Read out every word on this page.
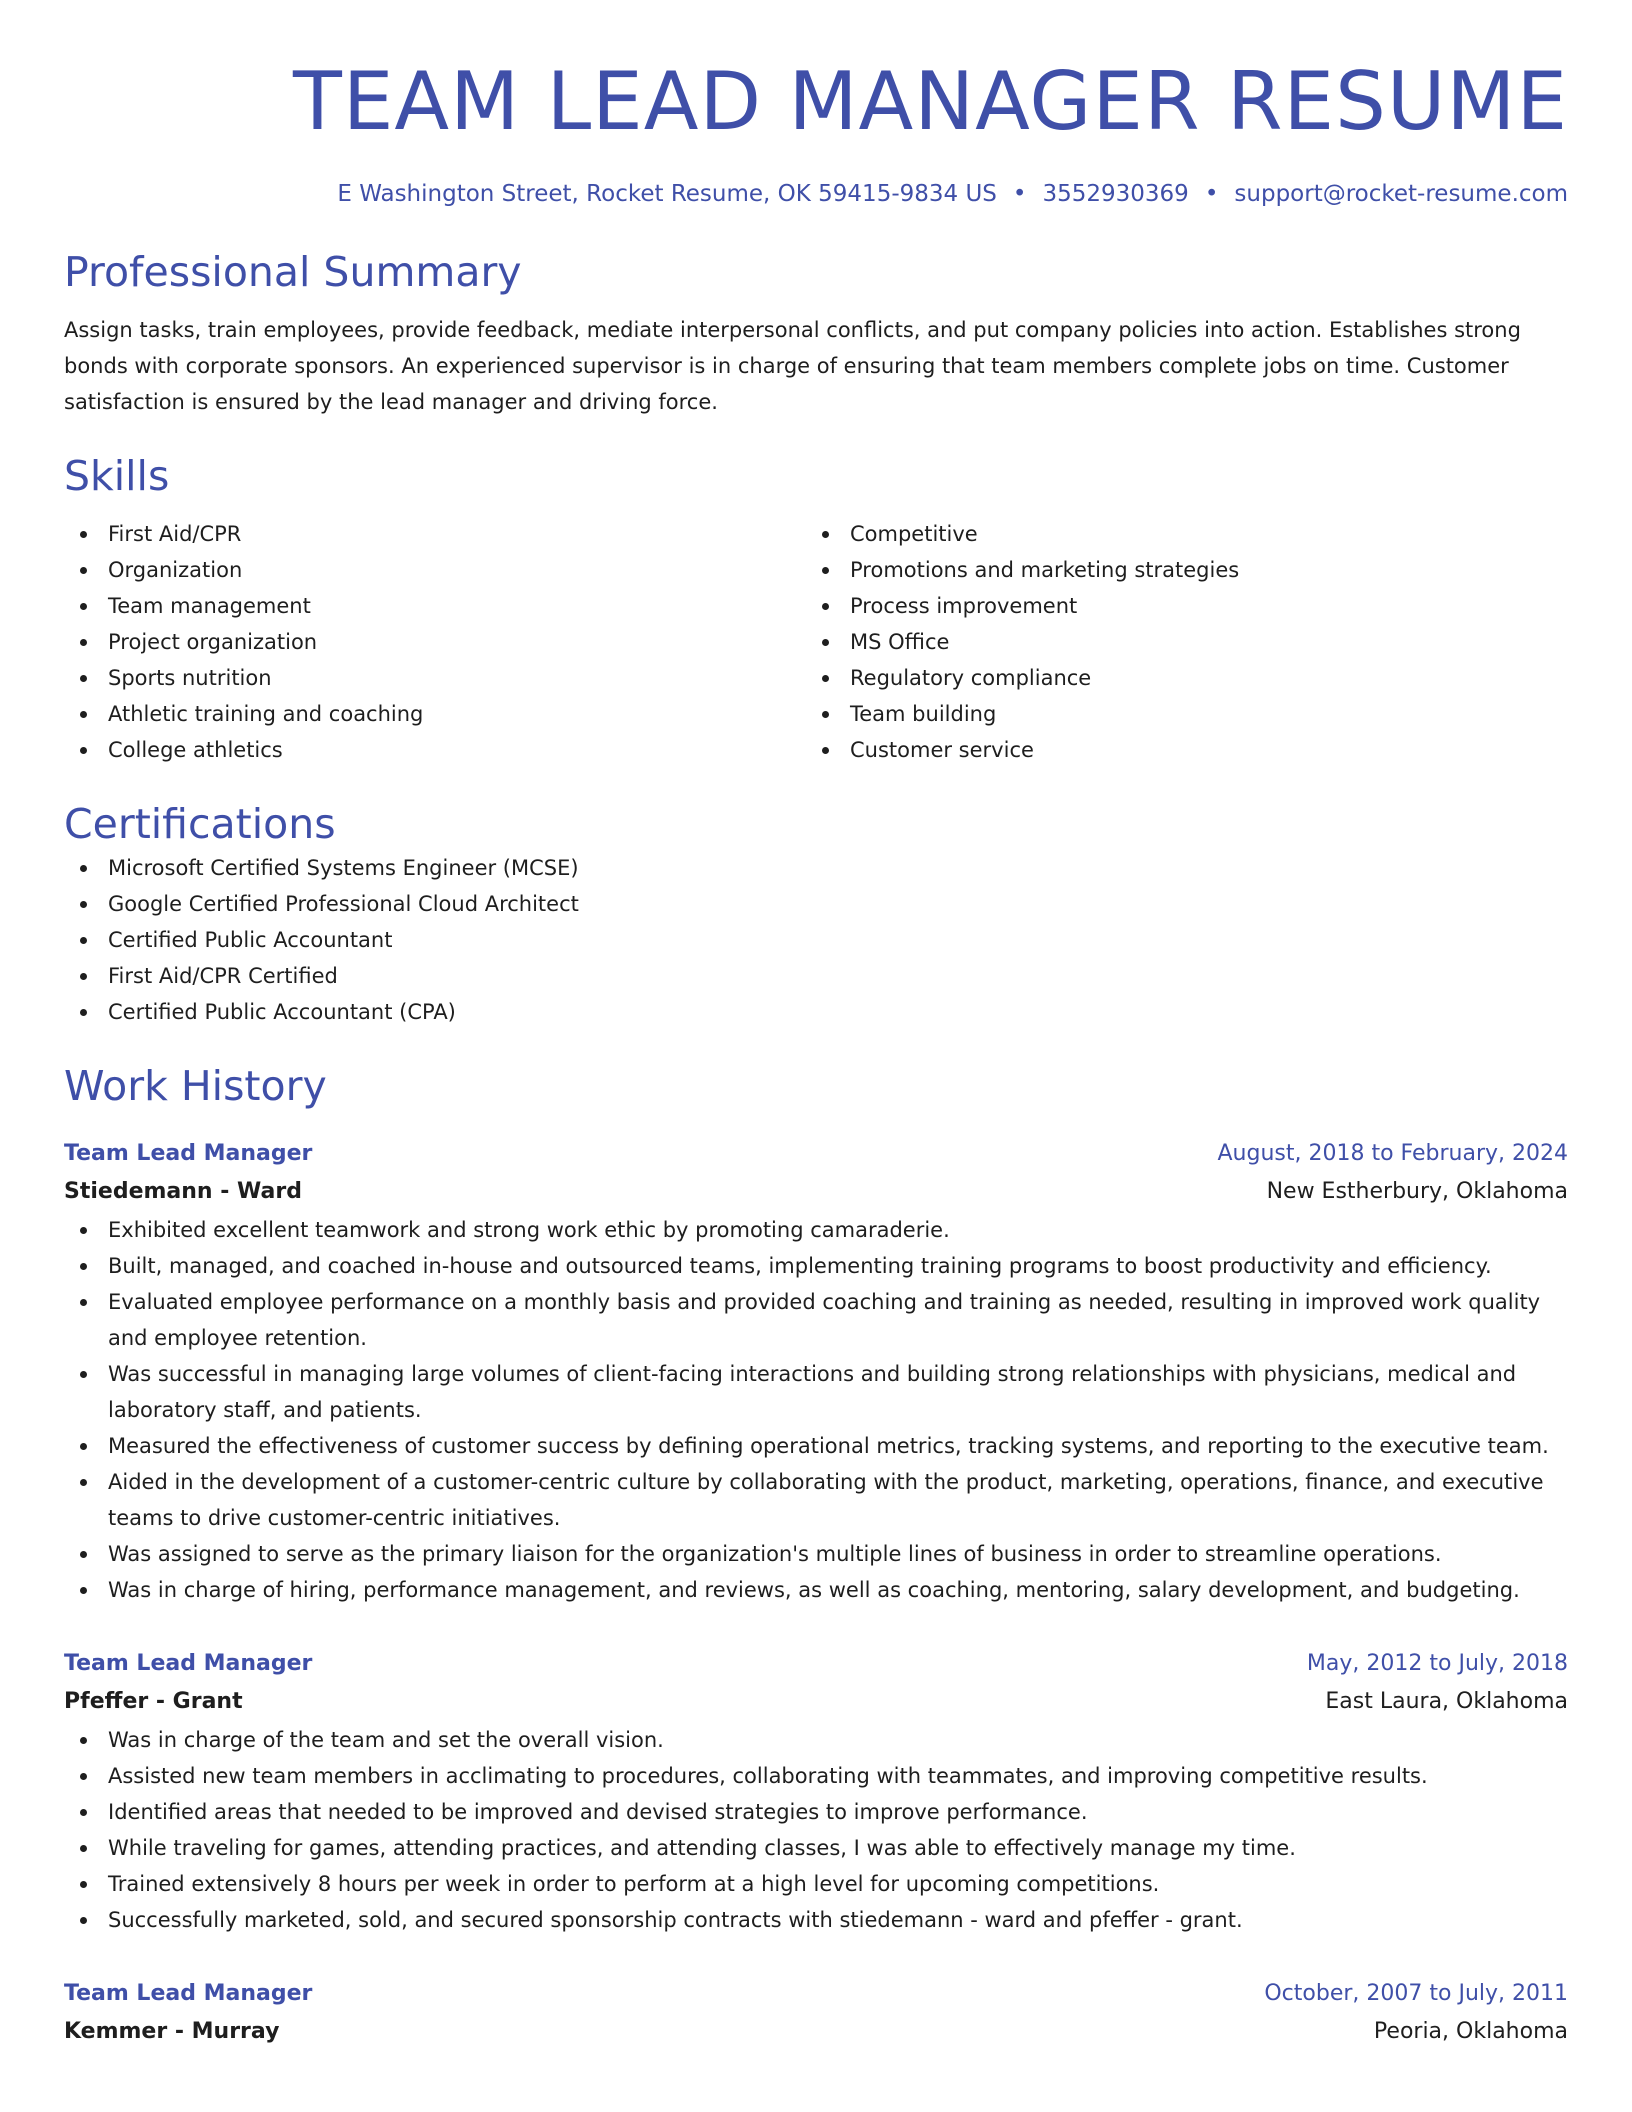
TEAM LEAD MANAGER RESUME
E Washington Street, Rocket Resume, OK 59415-9834 US • 3552930369 • support@rocket-resume.com
Professional Summary
Assign tasks, train employees, provide feedback, mediate interpersonal conflicts, and put company policies into action. Establishes strong bonds with corporate sponsors. An experienced supervisor is in charge of ensuring that team members complete jobs on time. Customer satisfaction is ensured by the lead manager and driving force.
Skills
First Aid/CPR
Organization
Team management
Project organization
Sports nutrition
Athletic training and coaching
College athletics
Competitive
Promotions and marketing strategies
Process improvement
MS Office
Regulatory compliance
Team building
Customer service
Certifications
Microsoft Certified Systems Engineer (MCSE)
Google Certified Professional Cloud Architect
Certified Public Accountant
First Aid/CPR Certified
Certified Public Accountant (CPA)
Work History
Team Lead Manager	August, 2018 to February, 2024
Stiedemann - Ward	New Estherbury, Oklahoma
Exhibited excellent teamwork and strong work ethic by promoting camaraderie.
Built, managed, and coached in-house and outsourced teams, implementing training programs to boost productivity and efficiency.
Evaluated employee performance on a monthly basis and provided coaching and training as needed, resulting in improved work quality and employee retention.
Was successful in managing large volumes of client-facing interactions and building strong relationships with physicians, medical and laboratory staff, and patients.
Measured the effectiveness of customer success by defining operational metrics, tracking systems, and reporting to the executive team.
Aided in the development of a customer-centric culture by collaborating with the product, marketing, operations, finance, and executive teams to drive customer-centric initiatives.
Was assigned to serve as the primary liaison for the organization's multiple lines of business in order to streamline operations.
Was in charge of hiring, performance management, and reviews, as well as coaching, mentoring, salary development, and budgeting.
Team Lead Manager	May, 2012 to July, 2018
Pfeffer - Grant	East Laura, Oklahoma
Was in charge of the team and set the overall vision.
Assisted new team members in acclimating to procedures, collaborating with teammates, and improving competitive results.
Identified areas that needed to be improved and devised strategies to improve performance.
While traveling for games, attending practices, and attending classes, I was able to effectively manage my time.
Trained extensively 8 hours per week in order to perform at a high level for upcoming competitions.
Successfully marketed, sold, and secured sponsorship contracts with stiedemann - ward and pfeffer - grant.
Team Lead Manager	October, 2007 to July, 2011
Kemmer - Murray	Peoria, Oklahoma
